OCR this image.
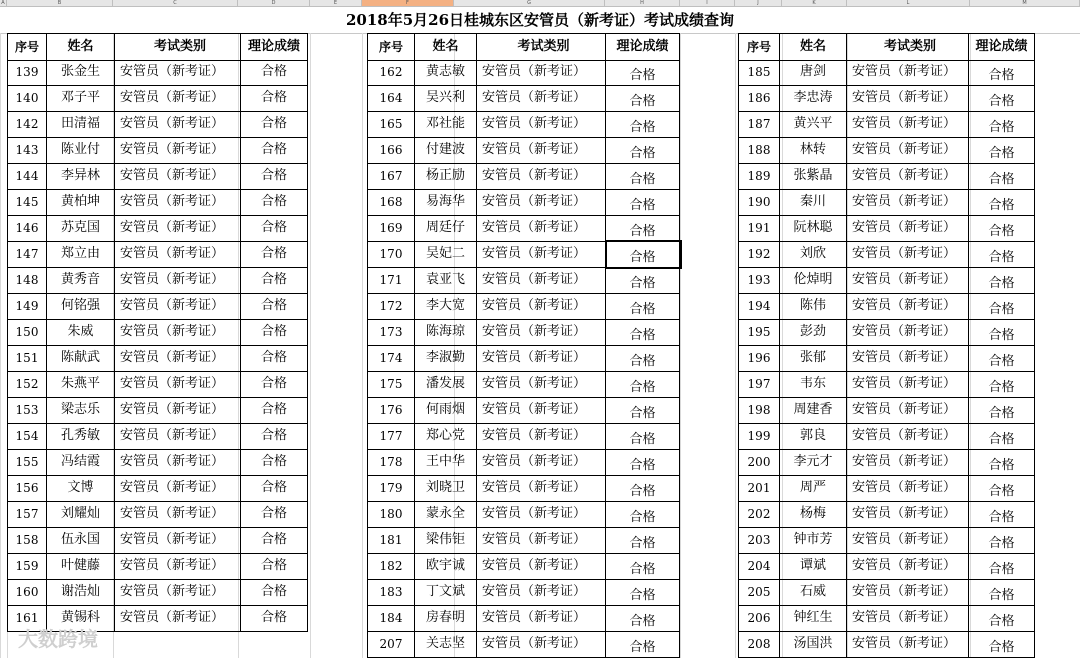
A	B	C	D	E	F	G	H	I	J	K	L	M
2018年5月26日桂城东区安管员（新考证）考试成绩查询
序号	姓名	考试类别	理论成绩
139	张金生	安管员（新考证）	合格
140	邓子平	安管员（新考证）	合格
142	田清福	安管员（新考证）	合格
143	陈业付	安管员（新考证）	合格
144	李异林	安管员（新考证）	合格
145	黄柏坤	安管员（新考证）	合格
146	苏克国	安管员（新考证）	合格
147	郑立由	安管员（新考证）	合格
148	黄秀音	安管员（新考证）	合格
149	何铭强	安管员（新考证）	合格
150	朱威	安管员（新考证）	合格
151	陈献武	安管员（新考证）	合格
152	朱燕平	安管员（新考证）	合格
153	梁志乐	安管员（新考证）	合格
154	孔秀敏	安管员（新考证）	合格
155	冯结霞	安管员（新考证）	合格
156	文博	安管员（新考证）	合格
157	刘耀灿	安管员（新考证）	合格
158	伍永国	安管员（新考证）	合格
159	叶健藤	安管员（新考证）	合格
160	谢浩灿	安管员（新考证）	合格
161	黄锡科	安管员（新考证）	合格
序号	姓名	考试类别	理论成绩
162	黄志敏	安管员（新考证）	合格
164	吴兴利	安管员（新考证）	合格
165	邓社能	安管员（新考证）	合格
166	付建波	安管员（新考证）	合格
167	杨正励	安管员（新考证）	合格
168	易海华	安管员（新考证）	合格
169	周廷仔	安管员（新考证）	合格
170	吴妃二	安管员（新考证）	合格
171	袁亚飞	安管员（新考证）	合格
172	李大宽	安管员（新考证）	合格
173	陈海琼	安管员（新考证）	合格
174	李淑勤	安管员（新考证）	合格
175	潘发展	安管员（新考证）	合格
176	何雨烟	安管员（新考证）	合格
177	郑心党	安管员（新考证）	合格
178	王中华	安管员（新考证）	合格
179	刘晓卫	安管员（新考证）	合格
180	蒙永全	安管员（新考证）	合格
181	梁伟钜	安管员（新考证）	合格
182	欧宇诚	安管员（新考证）	合格
183	丁文斌	安管员（新考证）	合格
184	房春明	安管员（新考证）	合格
207	关志坚	安管员（新考证）	合格
序号	姓名	考试类别	理论成绩
185	唐剑	安管员（新考证）	合格
186	李忠涛	安管员（新考证）	合格
187	黄兴平	安管员（新考证）	合格
188	林转	安管员（新考证）	合格
189	张紫晶	安管员（新考证）	合格
190	秦川	安管员（新考证）	合格
191	阮林聪	安管员（新考证）	合格
192	刘欣	安管员（新考证）	合格
193	伦焯明	安管员（新考证）	合格
194	陈伟	安管员（新考证）	合格
195	彭劲	安管员（新考证）	合格
196	张郁	安管员（新考证）	合格
197	韦东	安管员（新考证）	合格
198	周建香	安管员（新考证）	合格
199	郭良	安管员（新考证）	合格
200	李元才	安管员（新考证）	合格
201	周严	安管员（新考证）	合格
202	杨梅	安管员（新考证）	合格
203	钟市芳	安管员（新考证）	合格
204	谭斌	安管员（新考证）	合格
205	石威	安管员（新考证）	合格
206	钟红生	安管员（新考证）	合格
208	汤国洪	安管员（新考证）	合格
大数跨境
